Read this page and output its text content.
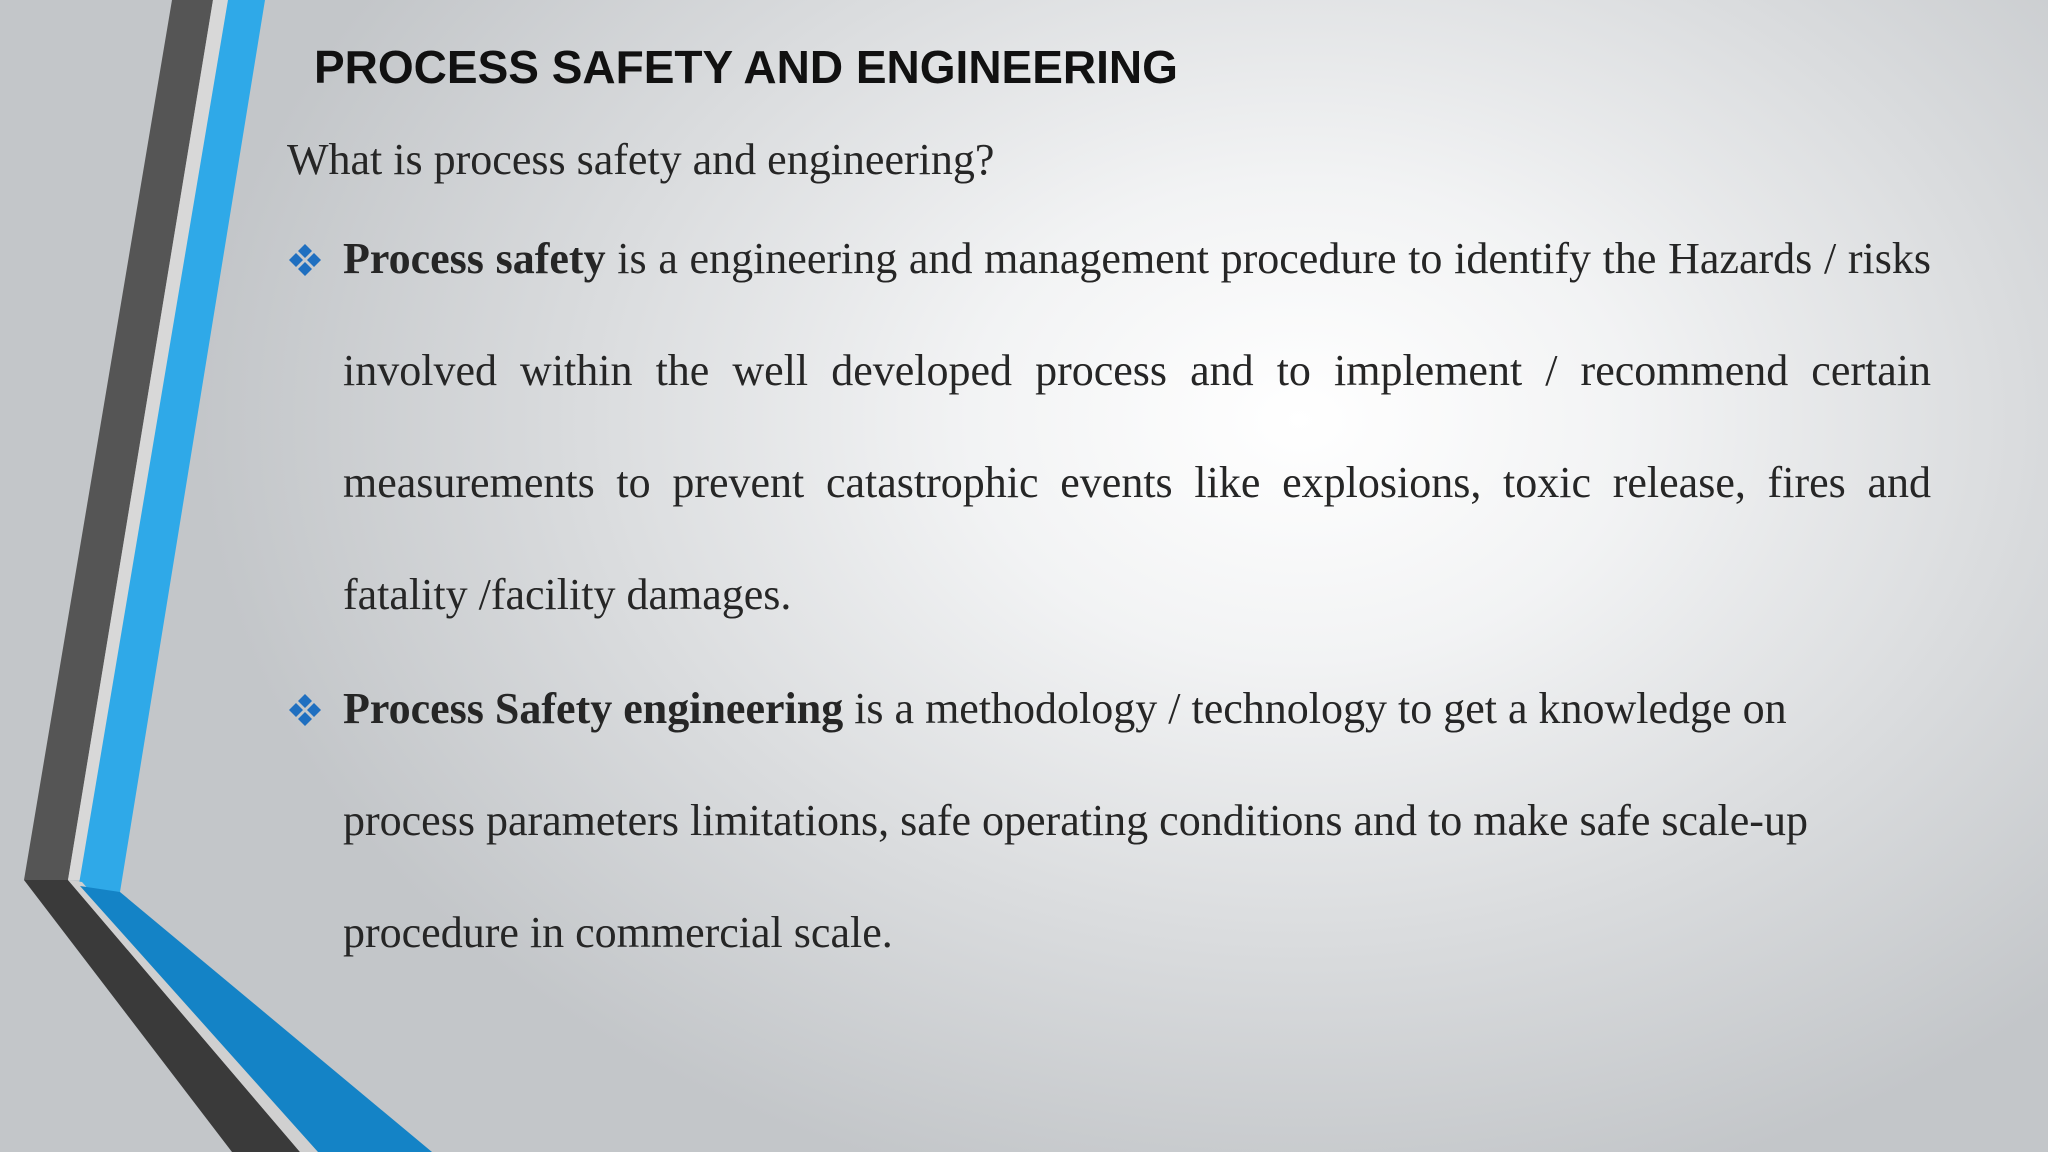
PROCESS SAFETY AND ENGINEERING
What is process safety and engineering?

Process safety is a engineering and management procedure to identify the Hazards / risks involved within the well developed process and to implement / recommend certain measurements to prevent catastrophic events like explosions, toxic release, fires and fatality /facility damages.

Process Safety engineering is a methodology / technology to get a knowledge on process parameters limitations, safe operating conditions and to make safe scale-up procedure in commercial scale.
